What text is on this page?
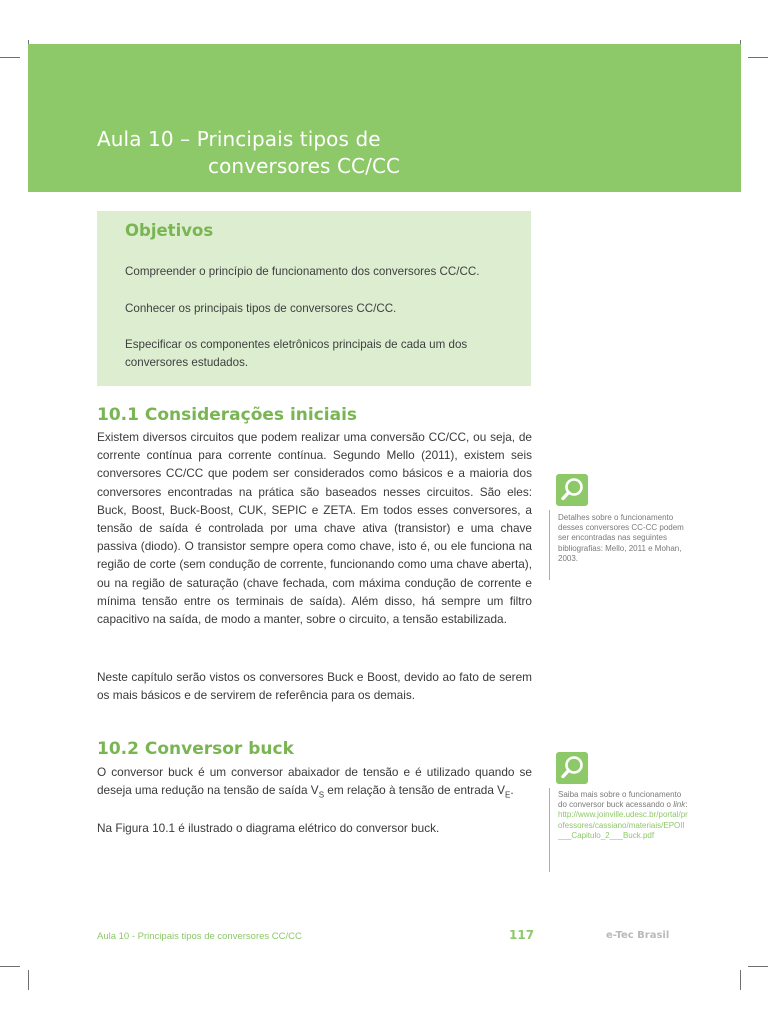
Aula 10 – Principais tipos de
conversores CC/CC
Objetivos

Compreender o princípio de funcionamento dos conversores CC/CC.

Conhecer os principais tipos de conversores CC/CC.

Especificar os componentes eletrônicos principais de cada um dos conversores estudados.

10.1 Considerações iniciais

Existem diversos circuitos que podem realizar uma conversão CC/CC, ou seja, de corrente contínua para corrente contínua. Segundo Mello (2011), existem seis conversores CC/CC que podem ser considerados como básicos e a maioria dos conversores encontradas na prática são baseados nesses circuitos. São eles: Buck, Boost, Buck-Boost, CUK, SEPIC e ZETA. Em todos esses conversores, a tensão de saída é controlada por uma chave ativa (transistor) e uma chave passiva (diodo). O transistor sempre opera como chave, isto é, ou ele funciona na região de corte (sem condução de corrente, funcionando como uma chave aberta), ou na região de saturação (chave fechada, com máxima condução de corrente e mínima tensão entre os terminais de saída). Além disso, há sempre um filtro capacitivo na saída, de modo a manter, sobre o circuito, a tensão estabilizada.

Neste capítulo serão vistos os conversores Buck e Boost, devido ao fato de serem os mais básicos e de servirem de referência para os demais.

10.2 Conversor buck

O conversor buck é um conversor abaixador de tensão e é utilizado quando se deseja uma redução na tensão de saída $V_S$ em relação à tensão de entrada $V_E$.

Na Figura 10.1 é ilustrado o diagrama elétrico do conversor buck.

Detalhes sobre o funcionamento desses conversores CC-CC podem ser encontradas nas seguintes bibliografias: Mello, 2011 e Mohan, 2003.

Saiba mais sobre o funcionamento do conversor buck acessando o link:
http://www.joinville.udesc.br/portal/professores/cassiano/materiais/EPOII___Capitulo_2___Buck.pdf

Aula 10 - Principais tipos de conversores CC/CC	117	e-Tec Brasil
